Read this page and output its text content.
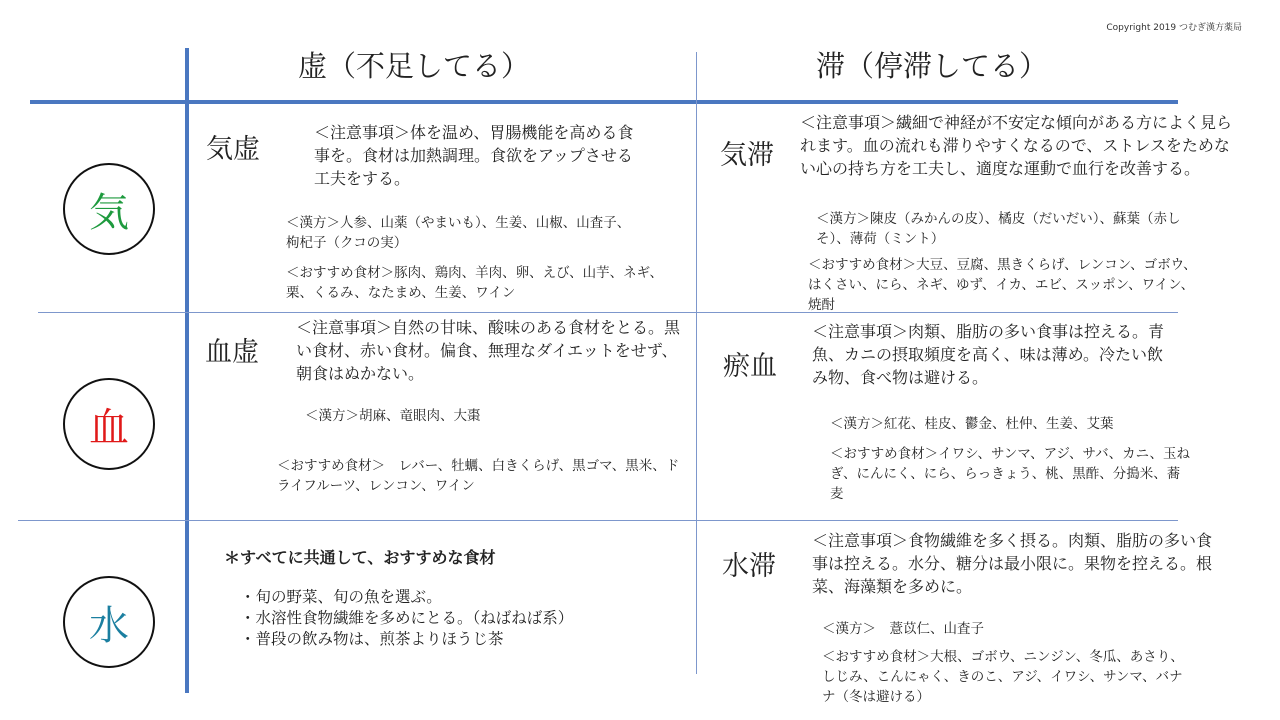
Copyright 2019 つむぎ漢方薬局
虚（不足してる）	滞（停滞してる）
気
血
水
気虚
＜注意事項＞体を温め、胃腸機能を高める食事を。食材は加熱調理。食欲をアップさせる工夫をする。
＜漢方＞人参、山薬（やまいも）、生姜、山椒、山査子、枸杞子（クコの実）
＜おすすめ食材＞豚肉、鶏肉、羊肉、卵、えび、山芋、ネギ、栗、くるみ、なたまめ、生姜、ワイン
気滞
＜注意事項＞繊細で神経が不安定な傾向がある方によく見られます。血の流れも滞りやすくなるので、ストレスをためない心の持ち方を工夫し、適度な運動で血行を改善する。
＜漢方＞陳皮（みかんの皮）、橘皮（だいだい）、蘇葉（赤しそ）、薄荷（ミント）
＜おすすめ食材＞大豆、豆腐、黒きくらげ、レンコン、ゴボウ、はくさい、にら、ネギ、ゆず、イカ、エビ、スッポン、ワイン、焼酎
血虚
＜注意事項＞自然の甘味、酸味のある食材をとる。黒い食材、赤い食材。偏食、無理なダイエットをせず、朝食はぬかない。
＜漢方＞胡麻、竜眼肉、大棗
＜おすすめ食材＞　レバー、牡蠣、白きくらげ、黒ゴマ、黒米、ドライフルーツ、レンコン、ワイン
瘀血
＜注意事項＞肉類、脂肪の多い食事は控える。青魚、カニの摂取頻度を高く、味は薄め。冷たい飲み物、食べ物は避ける。
＜漢方＞紅花、桂皮、鬱金、杜仲、生姜、艾葉
＜おすすめ食材＞イワシ、サンマ、アジ、サバ、カニ、玉ねぎ、にんにく、にら、らっきょう、桃、黒酢、分搗米、蕎麦
＊すべてに共通して、おすすめな食材
・旬の野菜、旬の魚を選ぶ。
・水溶性食物繊維を多めにとる。（ねばねば系）
・普段の飲み物は、煎茶よりほうじ茶
水滞
＜注意事項＞食物繊維を多く摂る。肉類、脂肪の多い食事は控える。水分、糖分は最小限に。果物を控える。根菜、海藻類を多めに。
＜漢方＞　薏苡仁、山査子
＜おすすめ食材＞大根、ゴボウ、ニンジン、冬瓜、あさり、しじみ、こんにゃく、きのこ、アジ、イワシ、サンマ、バナナ（冬は避ける）
